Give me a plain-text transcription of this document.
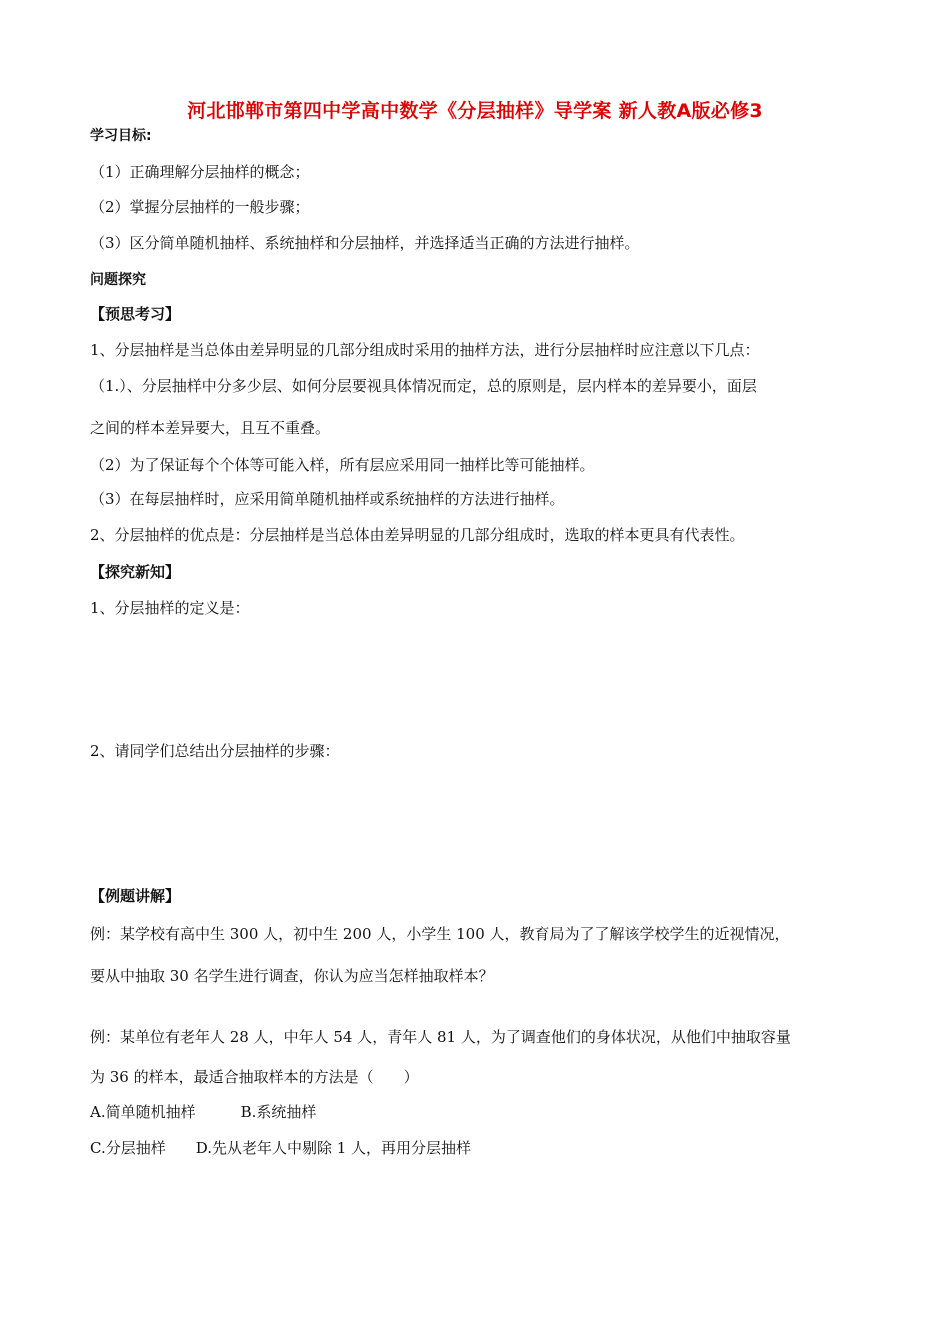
河北邯郸市第四中学高中数学《分层抽样》导学案 新人教A版必修3
学习目标:
（1）正确理解分层抽样的概念；
（2）掌握分层抽样的一般步骤；
（3）区分简单随机抽样、系统抽样和分层抽样，并选择适当正确的方法进行抽样。
问题探究
【预思考习】
1、分层抽样是当总体由差异明显的几部分组成时采用的抽样方法，进行分层抽样时应注意以下几点：
（1.）、分层抽样中分多少层、如何分层要视具体情况而定，总的原则是，层内样本的差异要小，面层
之间的样本差异要大，且互不重叠。
（2）为了保证每个个体等可能入样，所有层应采用同一抽样比等可能抽样。
（3）在每层抽样时，应采用简单随机抽样或系统抽样的方法进行抽样。
2、分层抽样的优点是：分层抽样是当总体由差异明显的几部分组成时，选取的样本更具有代表性。
【探究新知】
1、分层抽样的定义是：
2、请同学们总结出分层抽样的步骤：
【例题讲解】
例：某学校有高中生 300 人，初中生 200 人，小学生 100 人，教育局为了了解该学校学生的近视情况，
要从中抽取 30 名学生进行调查，你认为应当怎样抽取样本？
例：某单位有老年人 28 人，中年人 54 人，青年人 81 人，为了调查他们的身体状况，从他们中抽取容量
为 36 的样本，最适合抽取样本的方法是（　　）
A.简单随机抽样　　　B.系统抽样
C.分层抽样　　D.先从老年人中剔除 1 人，再用分层抽样
